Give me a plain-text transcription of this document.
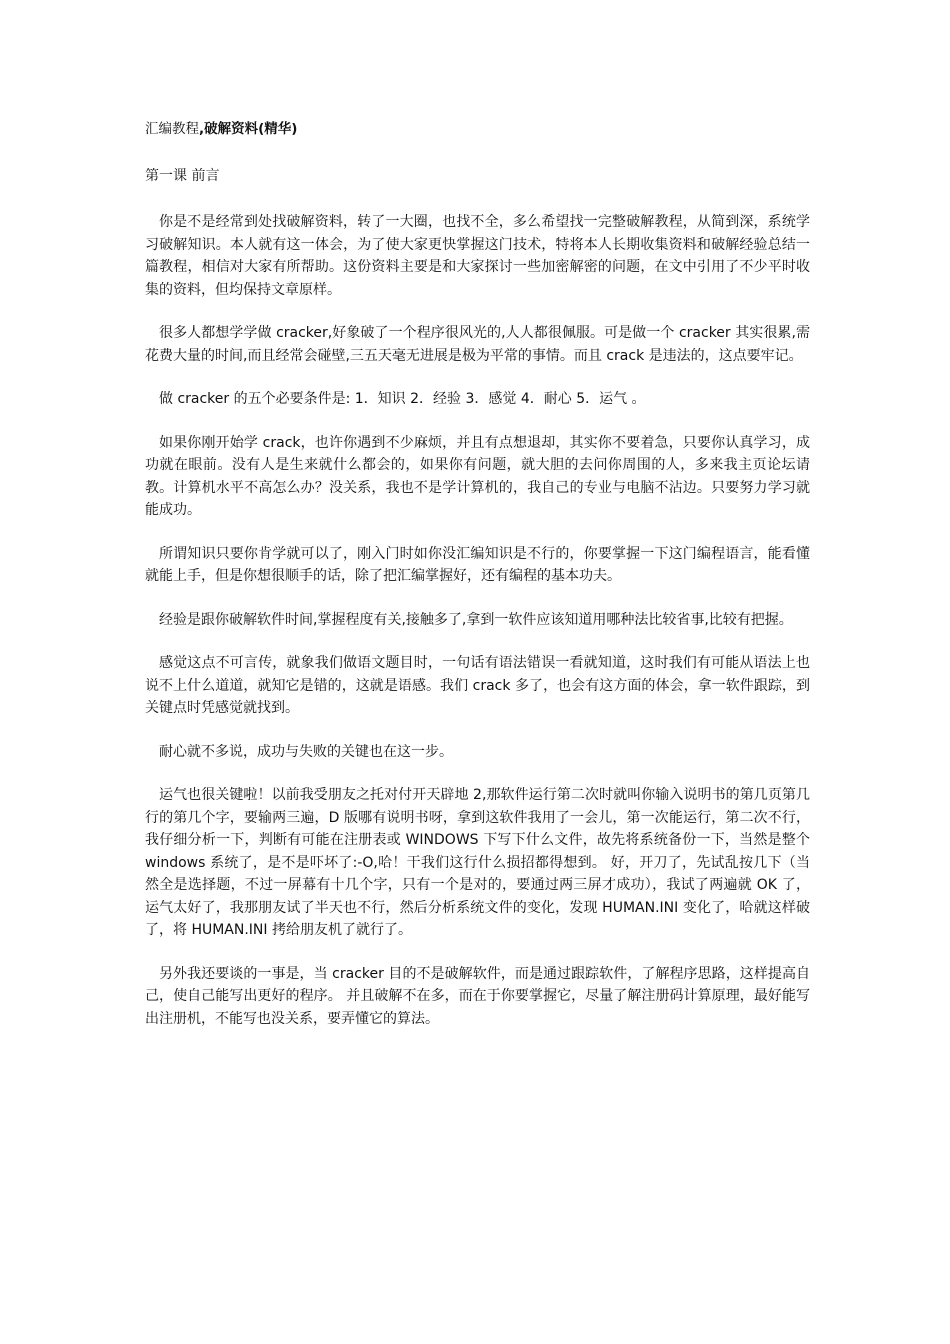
汇编教程,破解资料(精华)
第一课 前言

你是不是经常到处找破解资料，转了一大圈，也找不全，多么希望找一完整破解教程，从简到深，系统学习破解知识。本人就有这一体会，为了使大家更快掌握这门技术，特将本人长期收集资料和破解经验总结一篇教程，相信对大家有所帮助。这份资料主要是和大家探讨一些加密解密的问题，在文中引用了不少平时收集的资料，但均保持文章原样。

很多人都想学学做 cracker,好象破了一个程序很风光的,人人都很佩服。可是做一个 cracker 其实很累,需花费大量的时间,而且经常会碰壁,三五天毫无进展是极为平常的事情。而且 crack 是违法的，这点要牢记。

做 cracker 的五个必要条件是: 1．知识 2．经验 3．感觉 4．耐心 5．运气 。

如果你刚开始学 crack，也许你遇到不少麻烦，并且有点想退却，其实你不要着急，只要你认真学习，成功就在眼前。没有人是生来就什么都会的，如果你有问题，就大胆的去问你周围的人，多来我主页论坛请教。计算机水平不高怎么办？没关系，我也不是学计算机的，我自己的专业与电脑不沾边。只要努力学习就能成功。

所谓知识只要你肯学就可以了，刚入门时如你没汇编知识是不行的，你要掌握一下这门编程语言，能看懂就能上手，但是你想很顺手的话，除了把汇编掌握好，还有编程的基本功夫。

经验是跟你破解软件时间,掌握程度有关,接触多了,拿到一软件应该知道用哪种法比较省事,比较有把握。

感觉这点不可言传，就象我们做语文题目时，一句话有语法错误一看就知道，这时我们有可能从语法上也说不上什么道道，就知它是错的，这就是语感。我们 crack 多了，也会有这方面的体会，拿一软件跟踪，到关键点时凭感觉就找到。

耐心就不多说，成功与失败的关键也在这一步。

运气也很关键啦！以前我受朋友之托对付开天辟地 2,那软件运行第二次时就叫你输入说明书的第几页第几行的第几个字，要输两三遍，D 版哪有说明书呀，拿到这软件我用了一会儿，第一次能运行，第二次不行，我仔细分析一下，判断有可能在注册表或 WINDOWS 下写下什么文件，故先将系统备份一下，当然是整个 windows 系统了，是不是吓坏了:-O,哈！干我们这行什么损招都得想到。 好，开刀了，先试乱按几下（当然全是选择题，不过一屏幕有十几个字，只有一个是对的，要通过两三屏才成功），我试了两遍就 OK 了，运气太好了，我那朋友试了半天也不行，然后分析系统文件的变化，发现 HUMAN.INI 变化了，哈就这样破了，将 HUMAN.INI 拷给朋友机了就行了。

另外我还要谈的一事是，当 cracker 目的不是破解软件，而是通过跟踪软件，了解程序思路，这样提高自己，使自己能写出更好的程序。 并且破解不在多，而在于你要掌握它，尽量了解注册码计算原理，最好能写出注册机，不能写也没关系，要弄懂它的算法。
